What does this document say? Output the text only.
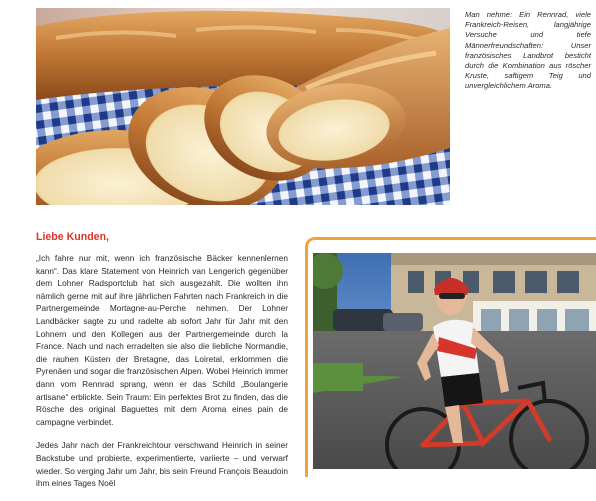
Man nehme: Ein Rennrad, viele Frankreich-Reisen, langjährige Versuche und tiefe Männerfreundschaften: Unser französisches Landbrot besticht durch die Kombination aus röscher Kruste, saftigem Teig und unvergleichlichem Aroma.

Liebe Kunden,

„Ich fahre nur mit, wenn ich französische Bäcker kennenlernen kann“. Das klare Statement von Heinrich van Lengerich gegenüber dem Lohner Radsportclub hat sich ausgezahlt. Die wollten ihn nämlich gerne mit auf ihre jährlichen Fahrten nach Frankreich in die Partnergemeinde Mortagne-au-Perche nehmen. Der Lohner Landbäcker sagte zu und radelte ab sofort Jahr für Jahr mit den Lohnern und den Kollegen aus der Partnergemeinde durch la France. Nach und nach erradelten sie also die liebliche Normandie, die rauhen Küsten der Bretagne, das Loiretal, erklommen die Pyrenäen und sogar die französischen Alpen. Wobei Heinrich immer dann vom Rennrad sprang, wenn er das Schild „Boulangerie artisane“ erblickte. Sein Traum: Ein perfektes Brot zu finden, das die Rösche des original Baguettes mit dem Aroma eines pain de campagne verbindet.

Jedes Jahr nach der Frankreichtour verschwand Heinrich in seiner Backstube und probierte, experimentierte, variierte – und verwarf wieder. So verging Jahr um Jahr, bis sein Freund François Beaudoin ihm eines Tages Noël
